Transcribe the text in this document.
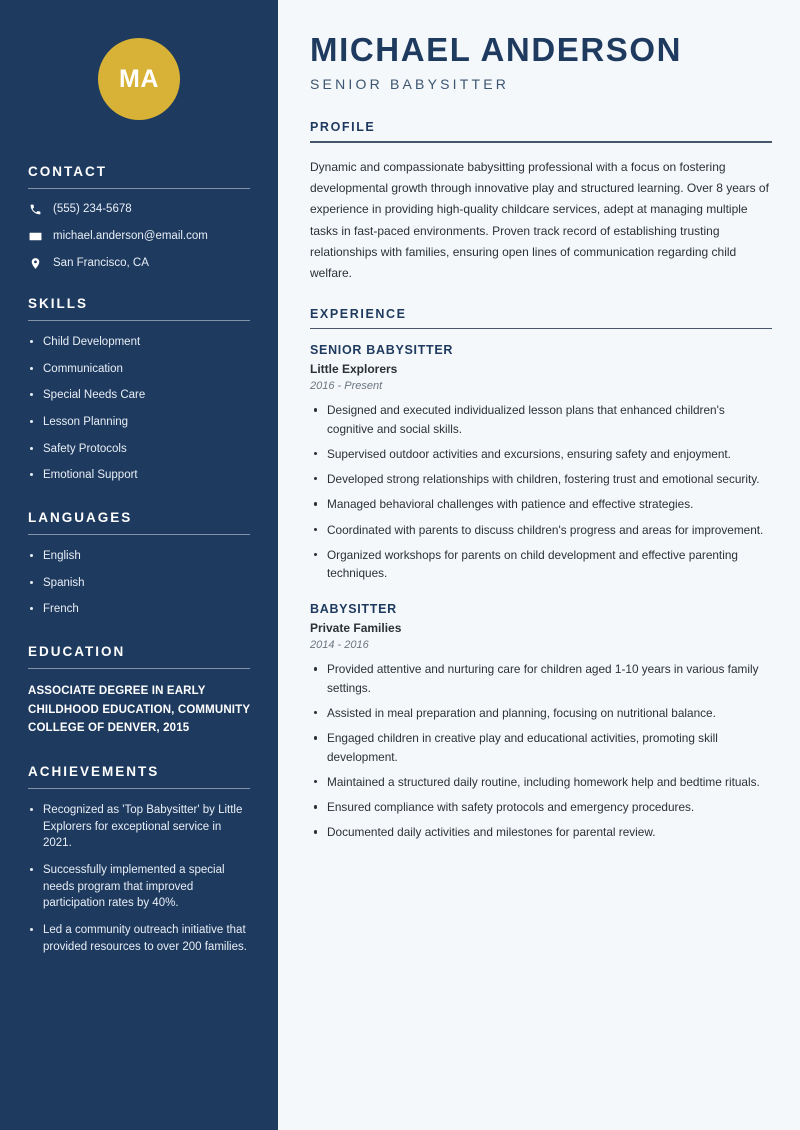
MA
CONTACT
(555) 234-5678
michael.anderson@email.com
San Francisco, CA
SKILLS
Child Development
Communication
Special Needs Care
Lesson Planning
Safety Protocols
Emotional Support
LANGUAGES
English
Spanish
French
EDUCATION
ASSOCIATE DEGREE IN EARLY CHILDHOOD EDUCATION, COMMUNITY COLLEGE OF DENVER, 2015
ACHIEVEMENTS
Recognized as 'Top Babysitter' by Little Explorers for exceptional service in 2021.
Successfully implemented a special needs program that improved participation rates by 40%.
Led a community outreach initiative that provided resources to over 200 families.
MICHAEL ANDERSON
SENIOR BABYSITTER
PROFILE

Dynamic and compassionate babysitting professional with a focus on fostering developmental growth through innovative play and structured learning. Over 8 years of experience in providing high-quality childcare services, adept at managing multiple tasks in fast-paced environments. Proven track record of establishing trusting relationships with families, ensuring open lines of communication regarding child welfare.

EXPERIENCE
SENIOR BABYSITTER
Little Explorers
2016 - Present
Designed and executed individualized lesson plans that enhanced children's cognitive and social skills.
Supervised outdoor activities and excursions, ensuring safety and enjoyment.
Developed strong relationships with children, fostering trust and emotional security.
Managed behavioral challenges with patience and effective strategies.
Coordinated with parents to discuss children's progress and areas for improvement.
Organized workshops for parents on child development and effective parenting techniques.
BABYSITTER
Private Families
2014 - 2016
Provided attentive and nurturing care for children aged 1-10 years in various family settings.
Assisted in meal preparation and planning, focusing on nutritional balance.
Engaged children in creative play and educational activities, promoting skill development.
Maintained a structured daily routine, including homework help and bedtime rituals.
Ensured compliance with safety protocols and emergency procedures.
Documented daily activities and milestones for parental review.
